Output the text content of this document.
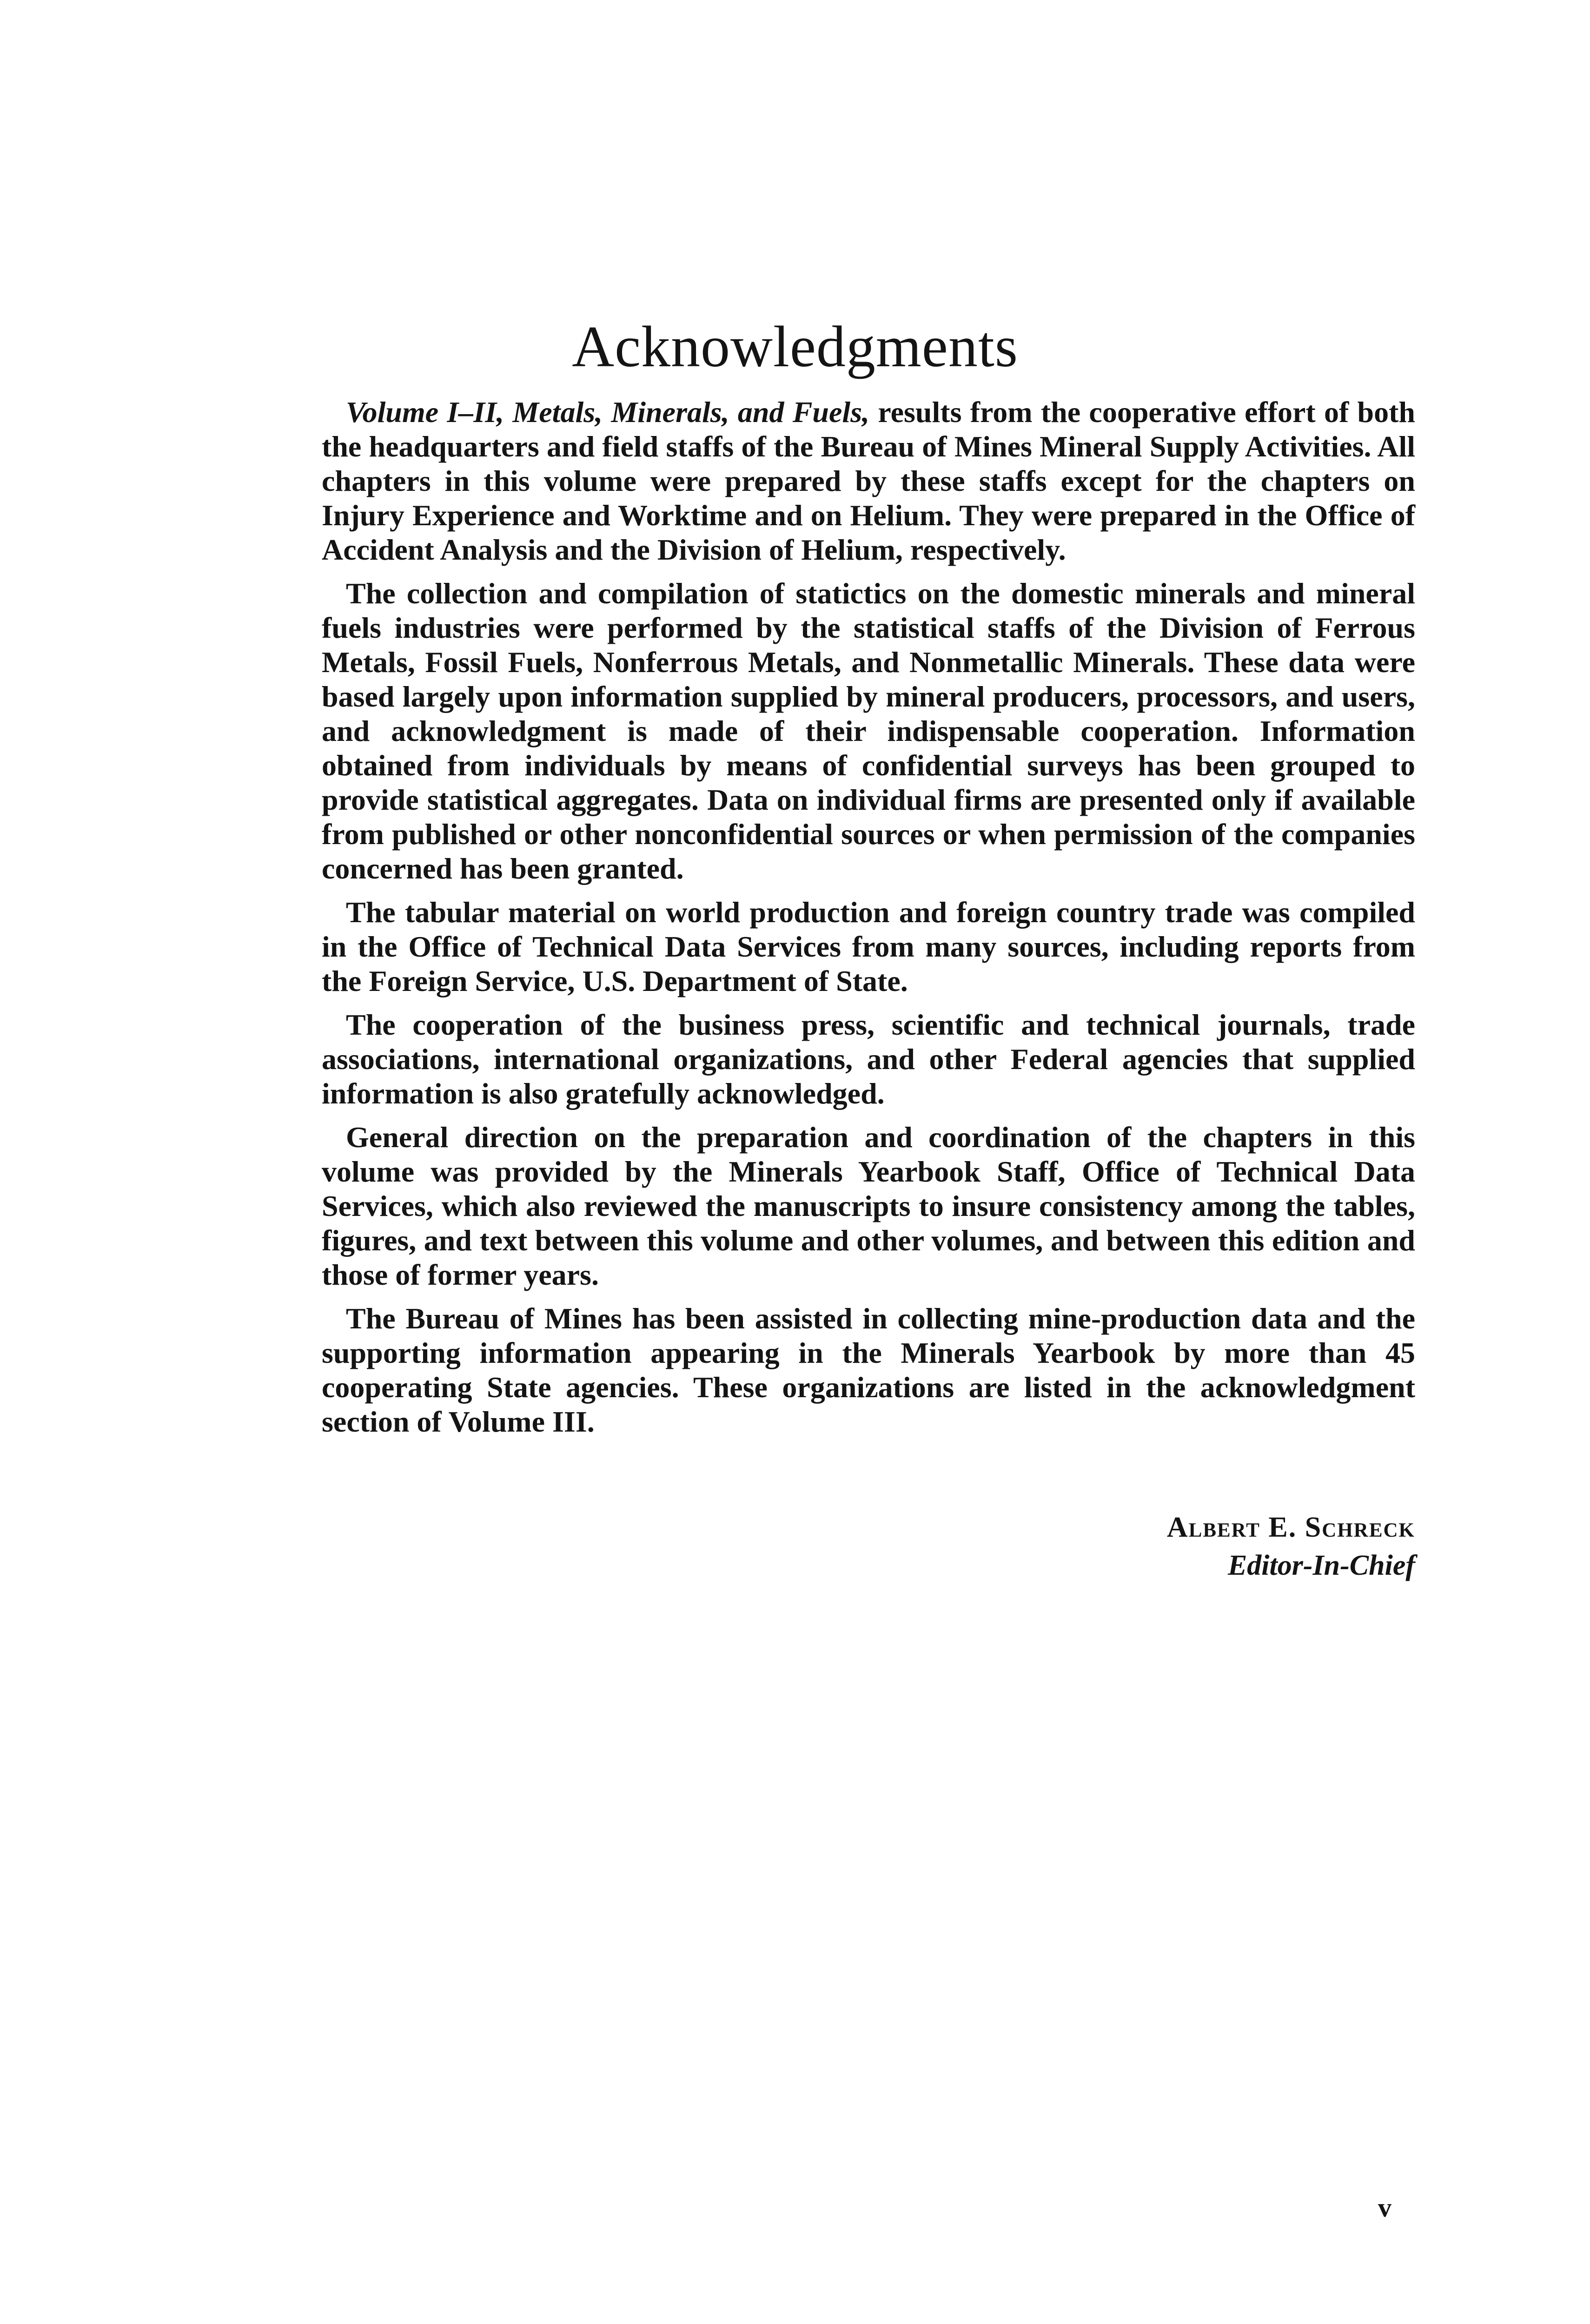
Acknowledgments

Volume I–II, Metals, Minerals, and Fuels, results from the cooperative effort of both the headquarters and field staffs of the Bureau of Mines Mineral Supply Activities. All chapters in this volume were prepared by these staffs except for the chapters on Injury Experience and Worktime and on Helium. They were prepared in the Office of Accident Analysis and the Division of Helium, respectively.

The collection and compilation of statictics on the domestic minerals and mineral fuels industries were performed by the statistical staffs of the Division of Ferrous Metals, Fossil Fuels, Nonferrous Metals, and Nonmetallic Minerals. These data were based largely upon information supplied by mineral producers, processors, and users, and acknowledgment is made of their indispensable cooperation. Information obtained from individuals by means of confidential surveys has been grouped to provide statistical aggregates. Data on individual firms are presented only if available from published or other nonconfidential sources or when permission of the companies concerned has been granted.

The tabular material on world production and foreign country trade was compiled in the Office of Technical Data Services from many sources, including reports from the Foreign Service, U.S. Department of State.

The cooperation of the business press, scientific and technical journals, trade associations, international organizations, and other Federal agencies that supplied information is also gratefully acknowledged.

General direction on the preparation and coordination of the chapters in this volume was provided by the Minerals Yearbook Staff, Office of Technical Data Services, which also reviewed the manuscripts to insure consistency among the tables, figures, and text between this volume and other volumes, and between this edition and those of former years.

The Bureau of Mines has been assisted in collecting mine-production data and the supporting information appearing in the Minerals Yearbook by more than 45 cooperating State agencies. These organizations are listed in the acknowledgment section of Volume III.

Albert E. Schreck
Editor-In-Chief
v
